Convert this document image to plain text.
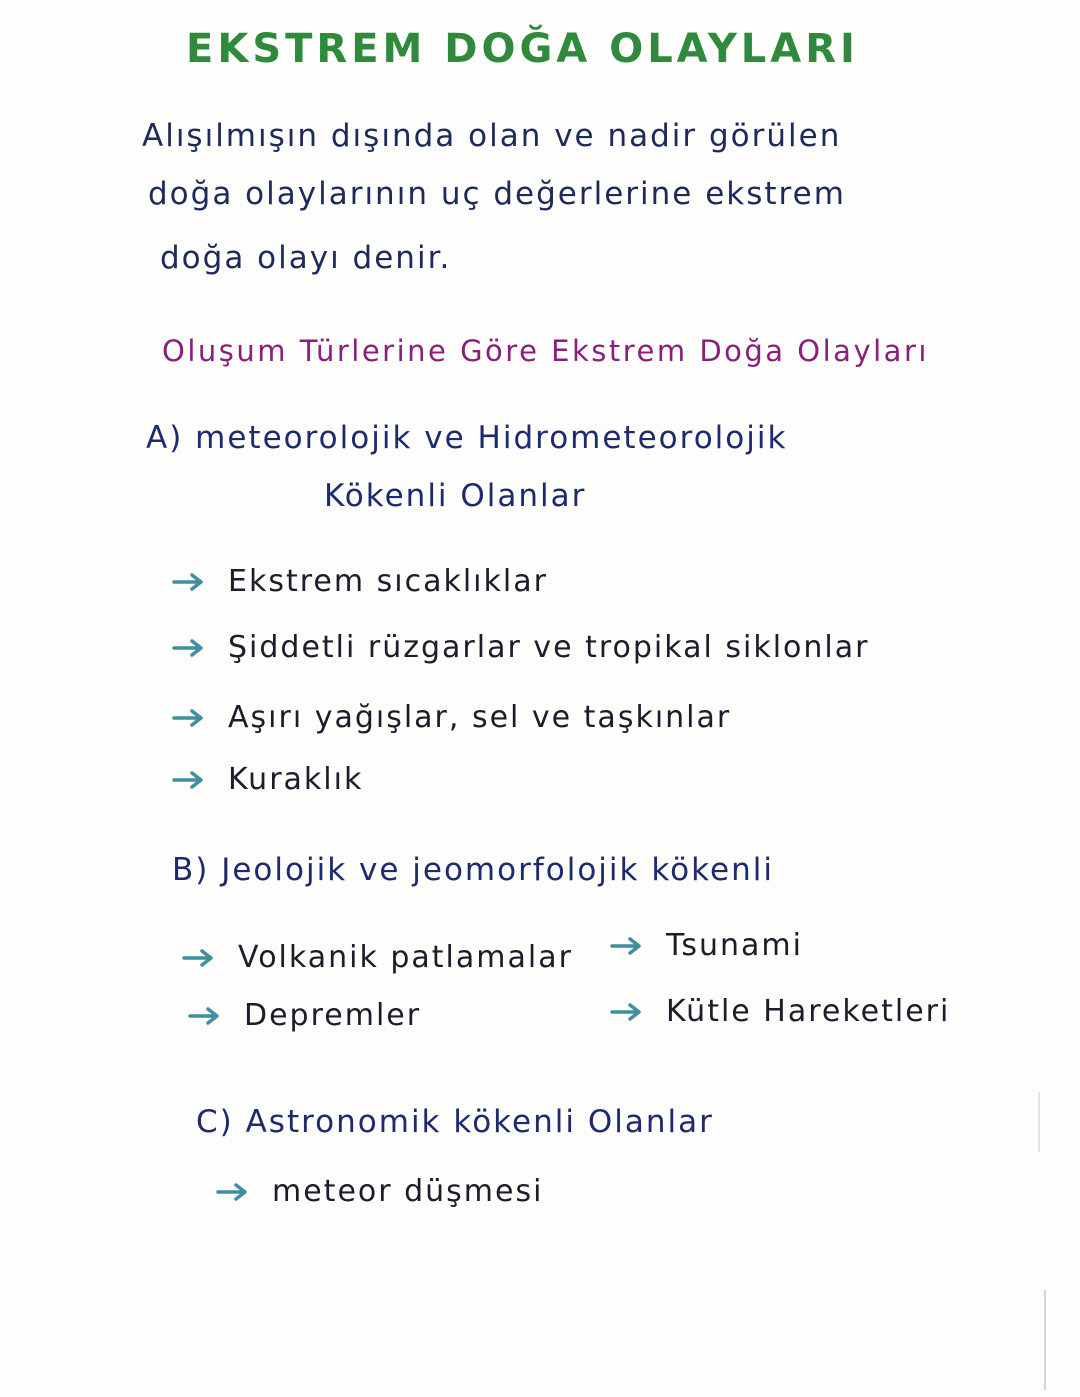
EKSTREM DOĞA OLAYLARI
Alışılmışın dışında olan ve nadir görülen
doğa olaylarının uç değerlerine ekstrem
doğa olayı denir.
Oluşum Türlerine Göre Ekstrem Doğa Olayları
A) meteorolojik ve Hidrometeorolojik
Kökenli Olanlar
Ekstrem sıcaklıklar
Şiddetli rüzgarlar ve tropikal siklonlar
Aşırı yağışlar, sel ve taşkınlar
Kuraklık
B) Jeolojik ve jeomorfolojik kökenli
Volkanik patlamalar	Tsunami
Depremler	Kütle Hareketleri
C) Astronomik kökenli Olanlar
meteor düşmesi
